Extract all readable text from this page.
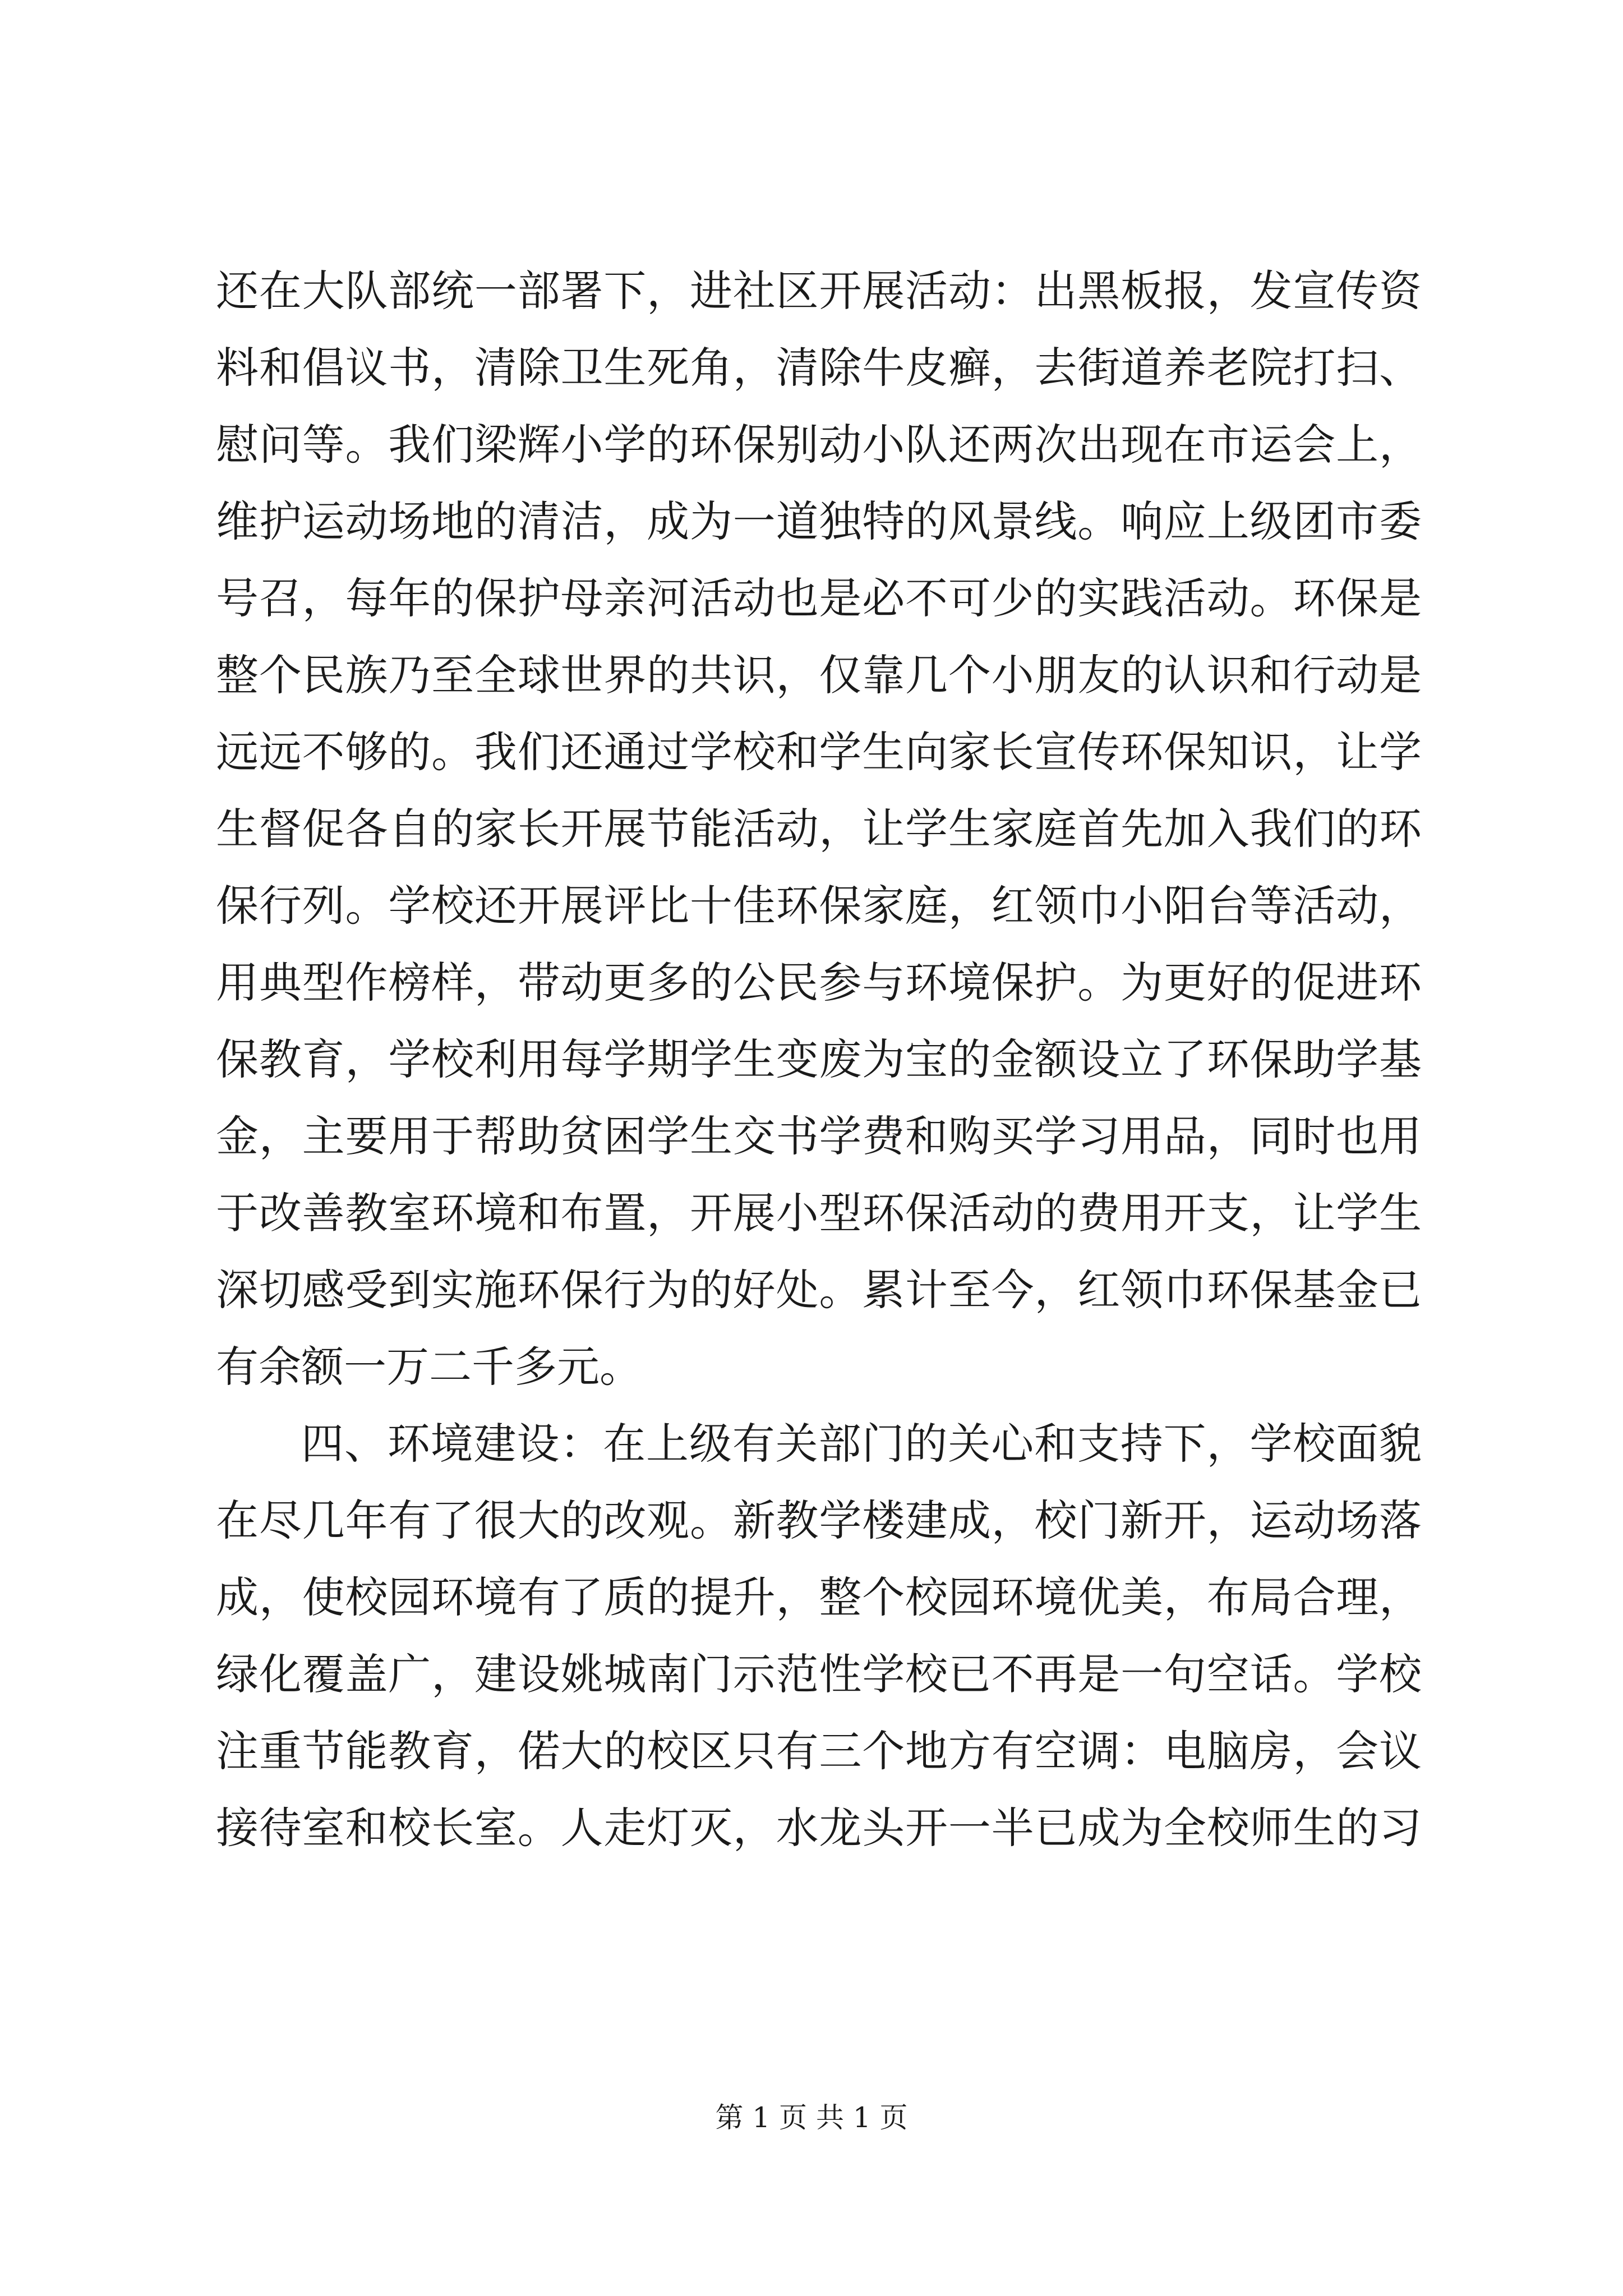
还在大队部统一部署下，进社区开展活动：出黑板报，发宣传资
料和倡议书，清除卫生死角，清除牛皮癣，去街道养老院打扫、
慰问等。我们梁辉小学的环保别动小队还两次出现在市运会上，
维护运动场地的清洁，成为一道独特的风景线。响应上级团市委
号召，每年的保护母亲河活动也是必不可少的实践活动。环保是
整个民族乃至全球世界的共识，仅靠几个小朋友的认识和行动是
远远不够的。我们还通过学校和学生向家长宣传环保知识，让学
生督促各自的家长开展节能活动，让学生家庭首先加入我们的环
保行列。学校还开展评比十佳环保家庭，红领巾小阳台等活动，
用典型作榜样，带动更多的公民参与环境保护。为更好的促进环
保教育，学校利用每学期学生变废为宝的金额设立了环保助学基
金，主要用于帮助贫困学生交书学费和购买学习用品，同时也用
于改善教室环境和布置，开展小型环保活动的费用开支，让学生
深切感受到实施环保行为的好处。累计至今，红领巾环保基金已
有余额一万二千多元。
四、环境建设：在上级有关部门的关心和支持下，学校面貌
在尽几年有了很大的改观。新教学楼建成，校门新开，运动场落
成，使校园环境有了质的提升，整个校园环境优美，布局合理，
绿化覆盖广，建设姚城南门示范性学校已不再是一句空话。学校
注重节能教育，偌大的校区只有三个地方有空调：电脑房，会议
接待室和校长室。人走灯灭，水龙头开一半已成为全校师生的习
第 1 页 共 1 页
